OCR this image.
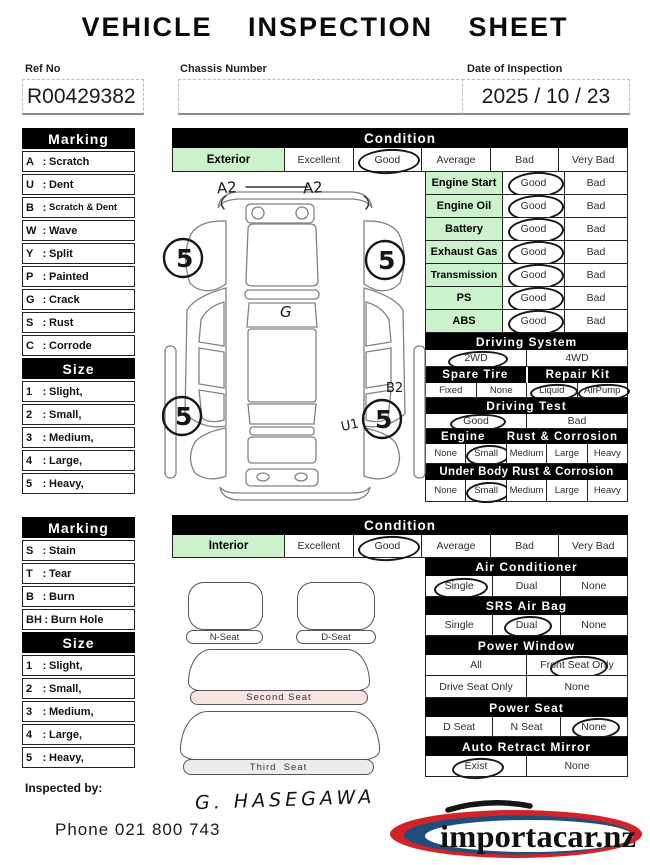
VEHICLE INSPECTION SHEET
Ref No
R00429382
Chassis Number	Date of Inspection
2025 / 10 / 23
Marking
A : Scratch
U : Dent
B : Scratch & Dent
W : Wave
Y : Split
P : Painted
G : Crack
S : Rust
C : Corrode
Size
1 : Slight,
2 : Small,
3 : Medium,
4 : Large,
5 : Heavy,
Condition
Exterior	Excellent	Good	Average	Bad	Very Bad
Engine Start	Good	Bad
Engine Oil	Good	Bad
Battery	Good	Bad
Exhaust Gas	Good	Bad
Transmission	Good	Bad
PS	Good	Bad
ABS	Good	Bad
Driving System
2WD	4WD
Spare Tire	Repair Kit
Fixed	None	Liquid	AirPump
Driving Test
Good	Bad
Engine Rust & Corrosion
None	Small	Medium	Large	Heavy
Under Body Rust & Corrosion
None	Small	Medium	Large	Heavy
A2	A2
G
B2
U1
5	5
5	5
Marking
S : Stain
T : Tear
B : Burn
BH : Burn Hole
Size
1 : Slight,
2 : Small,
3 : Medium,
4 : Large,
5 : Heavy,
Condition
Interior	Excellent	Good	Average	Bad	Very Bad
Air Conditioner
Single	Dual	None
SRS Air Bag
Single	Dual	None
Power Window
All	Front Seat Only
Drive Seat Only	None
Power Seat
D Seat	N Seat	None
Auto Retract Mirror
Exist	None
N-Seat	D-Seat
Second Seat
Third  Seat
Inspected by:	G. HASEGAWA
Phone 021 800 743	importacar.nz
